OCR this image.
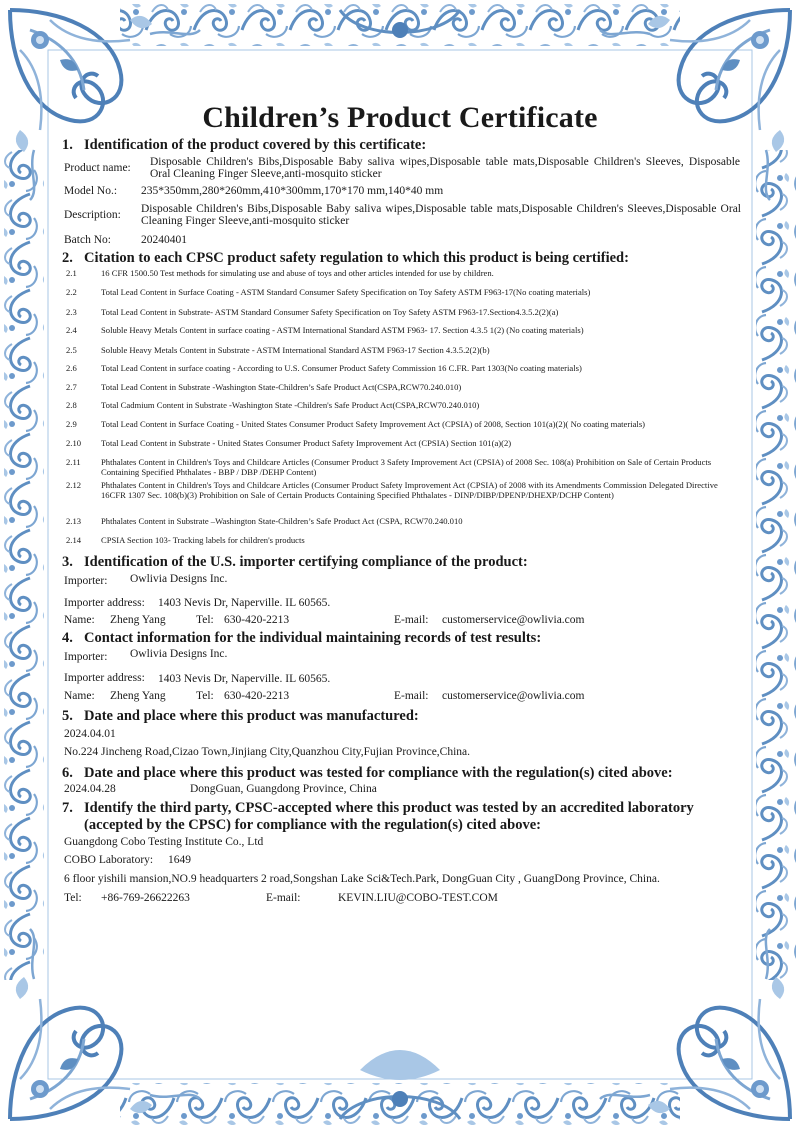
Children’s Product Certificate
1. Identification of the product covered by this certificate:
Product name: Disposable Children's Bibs,Disposable Baby saliva wipes,Disposable table mats,Disposable Children's Sleeves, Disposable Oral Cleaning Finger Sleeve,anti-mosquito sticker
Model No.: 235*350mm,280*260mm,410*300mm,170*170 mm,140*40 mm
Description: Disposable Children's Bibs,Disposable Baby saliva wipes,Disposable table mats,Disposable Children's Sleeves,Disposable Oral Cleaning Finger Sleeve,anti-mosquito sticker
Batch No:	20240401
2. Citation to each CPSC product safety regulation to which this product is being certified:
2.1	16 CFR 1500.50 Test methods for simulating use and abuse of toys and other articles intended for use by children.
2.2	Total Lead Content in Surface Coating - ASTM Standard Consumer Safety Specification on Toy Safety ASTM F963-17(No coating materials)
2.3	Total Lead Content in Substrate- ASTM Standard Consumer Safety Specification on Toy Safety ASTM F963-17.Section4.3.5.2(2)(a)
2.4	Soluble Heavy Metals Content in surface coating - ASTM International Standard ASTM F963- 17. Section 4.3.5 1(2) (No coating materials)
2.5	Soluble Heavy Metals Content in Substrate - ASTM International Standard ASTM F963-17 Section 4.3.5.2(2)(b)
2.6	Total Lead Content in surface coating - According to U.S. Consumer Product Safety Commission 16 C.FR. Part 1303(No coating materials)
2.7	Total Lead Content in Substrate -Washington State-Children’s Safe Product Act(CSPA,RCW70.240.010)
2.8	Total Cadmium Content in Substrate -Washington State -Children's Safe Product Act(CSPA,RCW70.240.010)
2.9	Total Lead Content in Surface Coating - United States Consumer Product Safety Improvement Act (CPSIA) of 2008, Section 101(a)(2)( No coating materials)
2.10 Total Lead Content in Substrate - United States Consumer Product Safety Improvement Act (CPSIA) Section 101(a)(2)
2.11 Phthalates Content in Children's Toys and Childcare Articles (Consumer Product 3 Safety Improvement Act (CPSIA) of 2008 Sec. 108(a) Prohibition on Sale of Certain Products Containing Specified Phthalates - BBP / DBP /DEHP Content)
2.12 Phthalates Content in Children's Toys and Childcare Articles (Consumer Product Safety Improvement Act (CPSIA) of 2008 with its Amendments Commission Delegated Directive 16CFR 1307 Sec. 108(b)(3) Prohibition on Sale of Certain Products Containing Specified Phthalates - DINP/DIBP/DPENP/DHEXP/DCHP Content)
2.13 Phthalates Content in Substrate –Washington State-Children’s Safe Product Act (CSPA, RCW70.240.010
2.14 CPSIA Section 103- Tracking labels for children's products
3. Identification of the U.S. importer certifying compliance of the product:
Importer: Owlivia Designs Inc.
Importer address: 1403 Nevis Dr, Naperville. IL 60565.
Name: Zheng Yang	Tel: 630-420-2213	E-mail: customerservice@owlivia.com
4. Contact information for the individual maintaining records of test results:
Importer: Owlivia Designs Inc.
Importer address: 1403 Nevis Dr, Naperville. IL 60565.
Name: Zheng Yang	Tel: 630-420-2213	E-mail: customerservice@owlivia.com
5. Date and place where this product was manufactured:
2024.04.01
No.224 Jincheng Road,Cizao Town,Jinjiang City,Quanzhou City,Fujian Province,China.
6. Date and place where this product was tested for compliance with the regulation(s) cited above:
2024.04.28	DongGuan, Guangdong Province, China
7. Identify the third party, CPSC-accepted where this product was tested by an accredited laboratory
(accepted by the CPSC) for compliance with the regulation(s) cited above:
Guangdong Cobo Testing Institute Co., Ltd
COBO Laboratory: 1649
6 floor yishili mansion,NO.9 headquarters 2 road,Songshan Lake Sci&Tech.Park, DongGuan City , GuangDong Province, China.
Tel: +86-769-26622263	E-mail:	KEVIN.LIU@COBO-TEST.COM
